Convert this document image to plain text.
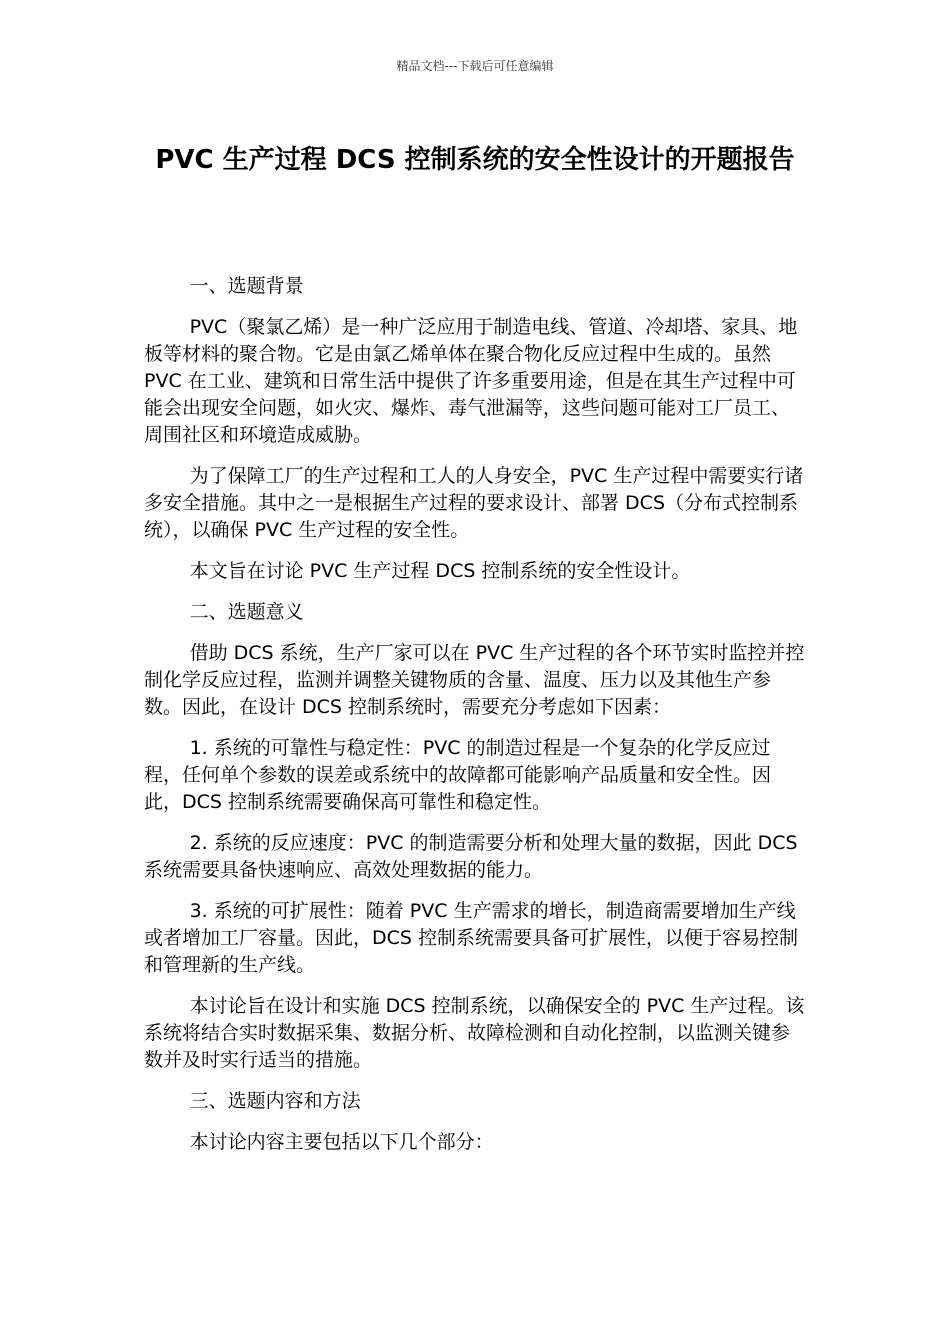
精品文档---下载后可任意编辑
PVC 生产过程 DCS 控制系统的安全性设计的开题报告

一、选题背景

PVC（聚氯乙烯）是一种广泛应用于制造电线、管道、冷却塔、家具、地板等材料的聚合物。它是由氯乙烯单体在聚合物化反应过程中生成的。虽然 PVC 在工业、建筑和日常生活中提供了许多重要用途，但是在其生产过程中可能会出现安全问题，如火灾、爆炸、毒气泄漏等，这些问题可能对工厂员工、周围社区和环境造成威胁。

为了保障工厂的生产过程和工人的人身安全，PVC 生产过程中需要实行诸多安全措施。其中之一是根据生产过程的要求设计、部署 DCS（分布式控制系统），以确保 PVC 生产过程的安全性。

本文旨在讨论 PVC 生产过程 DCS 控制系统的安全性设计。

二、选题意义

借助 DCS 系统，生产厂家可以在 PVC 生产过程的各个环节实时监控并控制化学反应过程，监测并调整关键物质的含量、温度、压力以及其他生产参数。因此，在设计 DCS 控制系统时，需要充分考虑如下因素：

1. 系统的可靠性与稳定性：PVC 的制造过程是一个复杂的化学反应过程，任何单个参数的误差或系统中的故障都可能影响产品质量和安全性。因此，DCS 控制系统需要确保高可靠性和稳定性。

2. 系统的反应速度：PVC 的制造需要分析和处理大量的数据，因此 DCS 系统需要具备快速响应、高效处理数据的能力。

3. 系统的可扩展性：随着 PVC 生产需求的增长，制造商需要增加生产线或者增加工厂容量。因此，DCS 控制系统需要具备可扩展性，以便于容易控制和管理新的生产线。

本讨论旨在设计和实施 DCS 控制系统，以确保安全的 PVC 生产过程。该系统将结合实时数据采集、数据分析、故障检测和自动化控制，以监测关键参数并及时实行适当的措施。

三、选题内容和方法

本讨论内容主要包括以下几个部分：
